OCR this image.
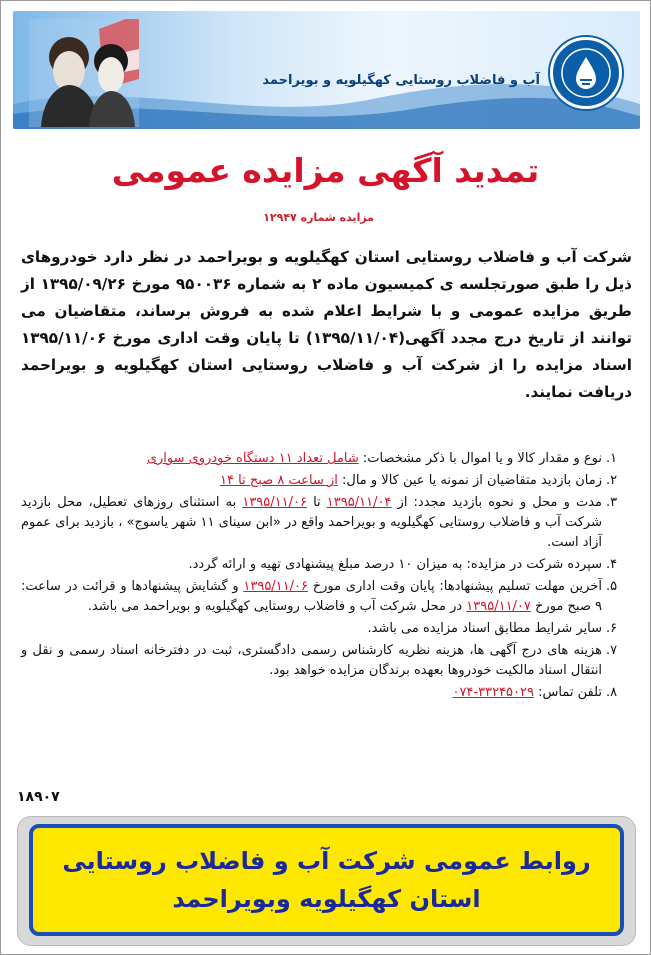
آب و فاضلاب روستایی کهگیلویه و بویراحمد
تمدید آگهی مزایده عمومی
مزایده شماره ۱۲۹۴۷
شرکت آب و فاضلاب روستایی استان کهگیلویه و بویراحمد در نظر دارد خودروهای ذیل را طبق صورتجلسه ی کمیسیون ماده ۲ به شماره ۹۵۰۰۳۶ مورخ ۱۳۹۵/۰۹/۲۶ از طریق مزایده عمومی و با شرایط اعلام شده به فروش برساند، متقاضیان می توانند از تاریخ درج مجدد آگهی(۱۳۹۵/۱۱/۰۴) تا پایان وقت اداری مورخ ۱۳۹۵/۱۱/۰۶ اسناد مزایده را از شرکت آب و فاضلاب روستایی استان کهگیلویه و بویراحمد دریافت نمایند.
۱.
نوع و مقدار کالا و یا اموال با ذکر مشخصات: شامل تعداد ۱۱ دستگاه خودروی سواری
۲.
زمان بازدید متقاضیان از نمونه یا عین کالا و مال: از ساعت ۸ صبح تا ۱۴
۳.
مدت و محل و نحوه بازدید مجدد: از ۱۳۹۵/۱۱/۰۴ تا ۱۳۹۵/۱۱/۰۶ به استثنای روزهای تعطیل، محل بازدید شرکت آب و فاضلاب روستایی کهگیلویه و بویراحمد واقع در «ابن سینای ۱۱ شهر یاسوج» ، بازدید برای عموم آزاد است.
۴.
سپرده شرکت در مزایده: به میزان ۱۰ درصد مبلغ پیشنهادی تهیه و ارائه گردد.
۵.
آخرین مهلت تسلیم پیشنهادها: پایان وقت اداری مورخ ۱۳۹۵/۱۱/۰۶ و گشایش پیشنهادها و قرائت در ساعت: ۹ صبح مورخ ۱۳۹۵/۱۱/۰۷ در محل شرکت آب و فاضلاب روستایی کهگیلویه و بویراحمد می باشد.
۶.
سایر شرایط مطابق اسناد مزایده می باشد.
۷.
هزینه های درج آگهی ها، هزینه نظریه کارشناس رسمی دادگستری، ثبت در دفترخانه اسناد رسمی و نقل و انتقال اسناد مالکیت خودروها بعهده برندگان مزایده خواهد بود.
۸.
تلفن تماس: ۳۳۲۴۵۰۲۹-۰۷۴
۱۸۹۰۷
روابط عمومی شرکت آب و فاضلاب روستایی
استان کهگیلویه وبویراحمد
